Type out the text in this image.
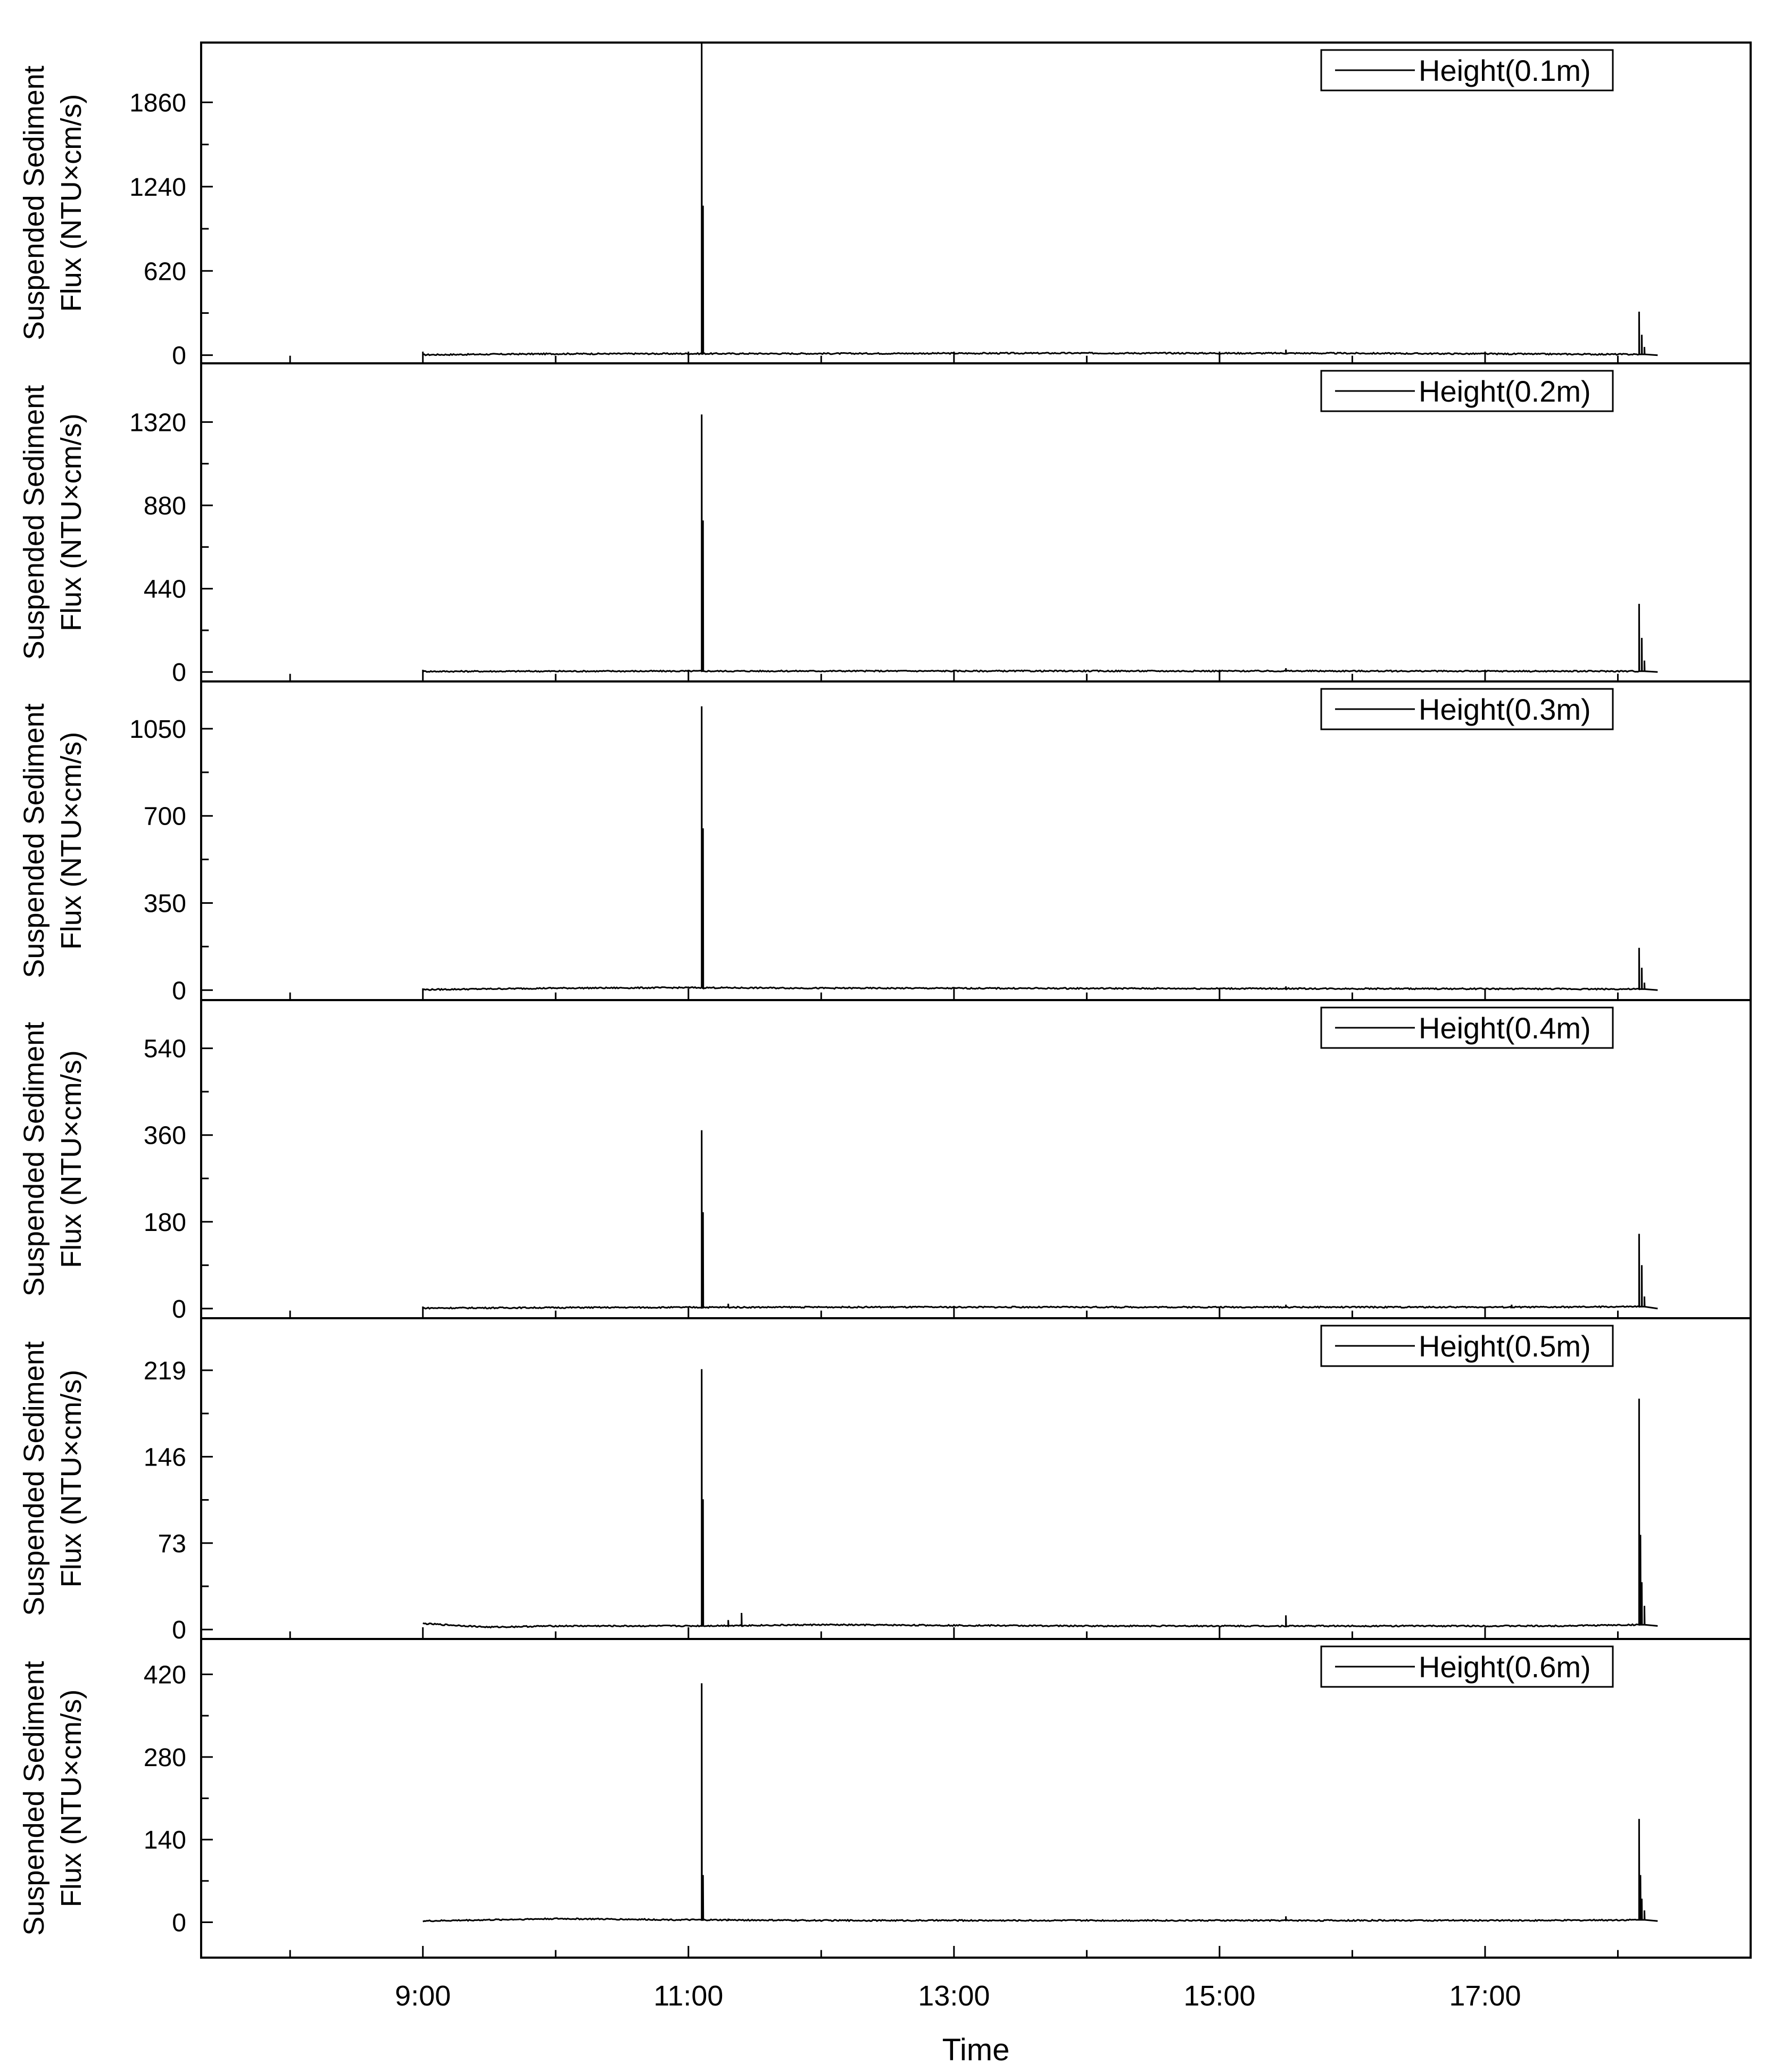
0
620
1240
1860
Suspended Sediment Flux (NTU×cm/s)
Height(0.1m)
0
440
880
1320
Suspended Sediment Flux (NTU×cm/s)
Height(0.2m)
0
350
700
1050
Suspended Sediment Flux (NTU×cm/s)
Height(0.3m)
0
180
360
540
Suspended Sediment Flux (NTU×cm/s)
Height(0.4m)
0
73
146
219
Suspended Sediment Flux (NTU×cm/s)
Height(0.5m)
0
140
280
420
Suspended Sediment Flux (NTU×cm/s)
Height(0.6m)
9:00	11:00	13:00	15:00	17:00
Time
